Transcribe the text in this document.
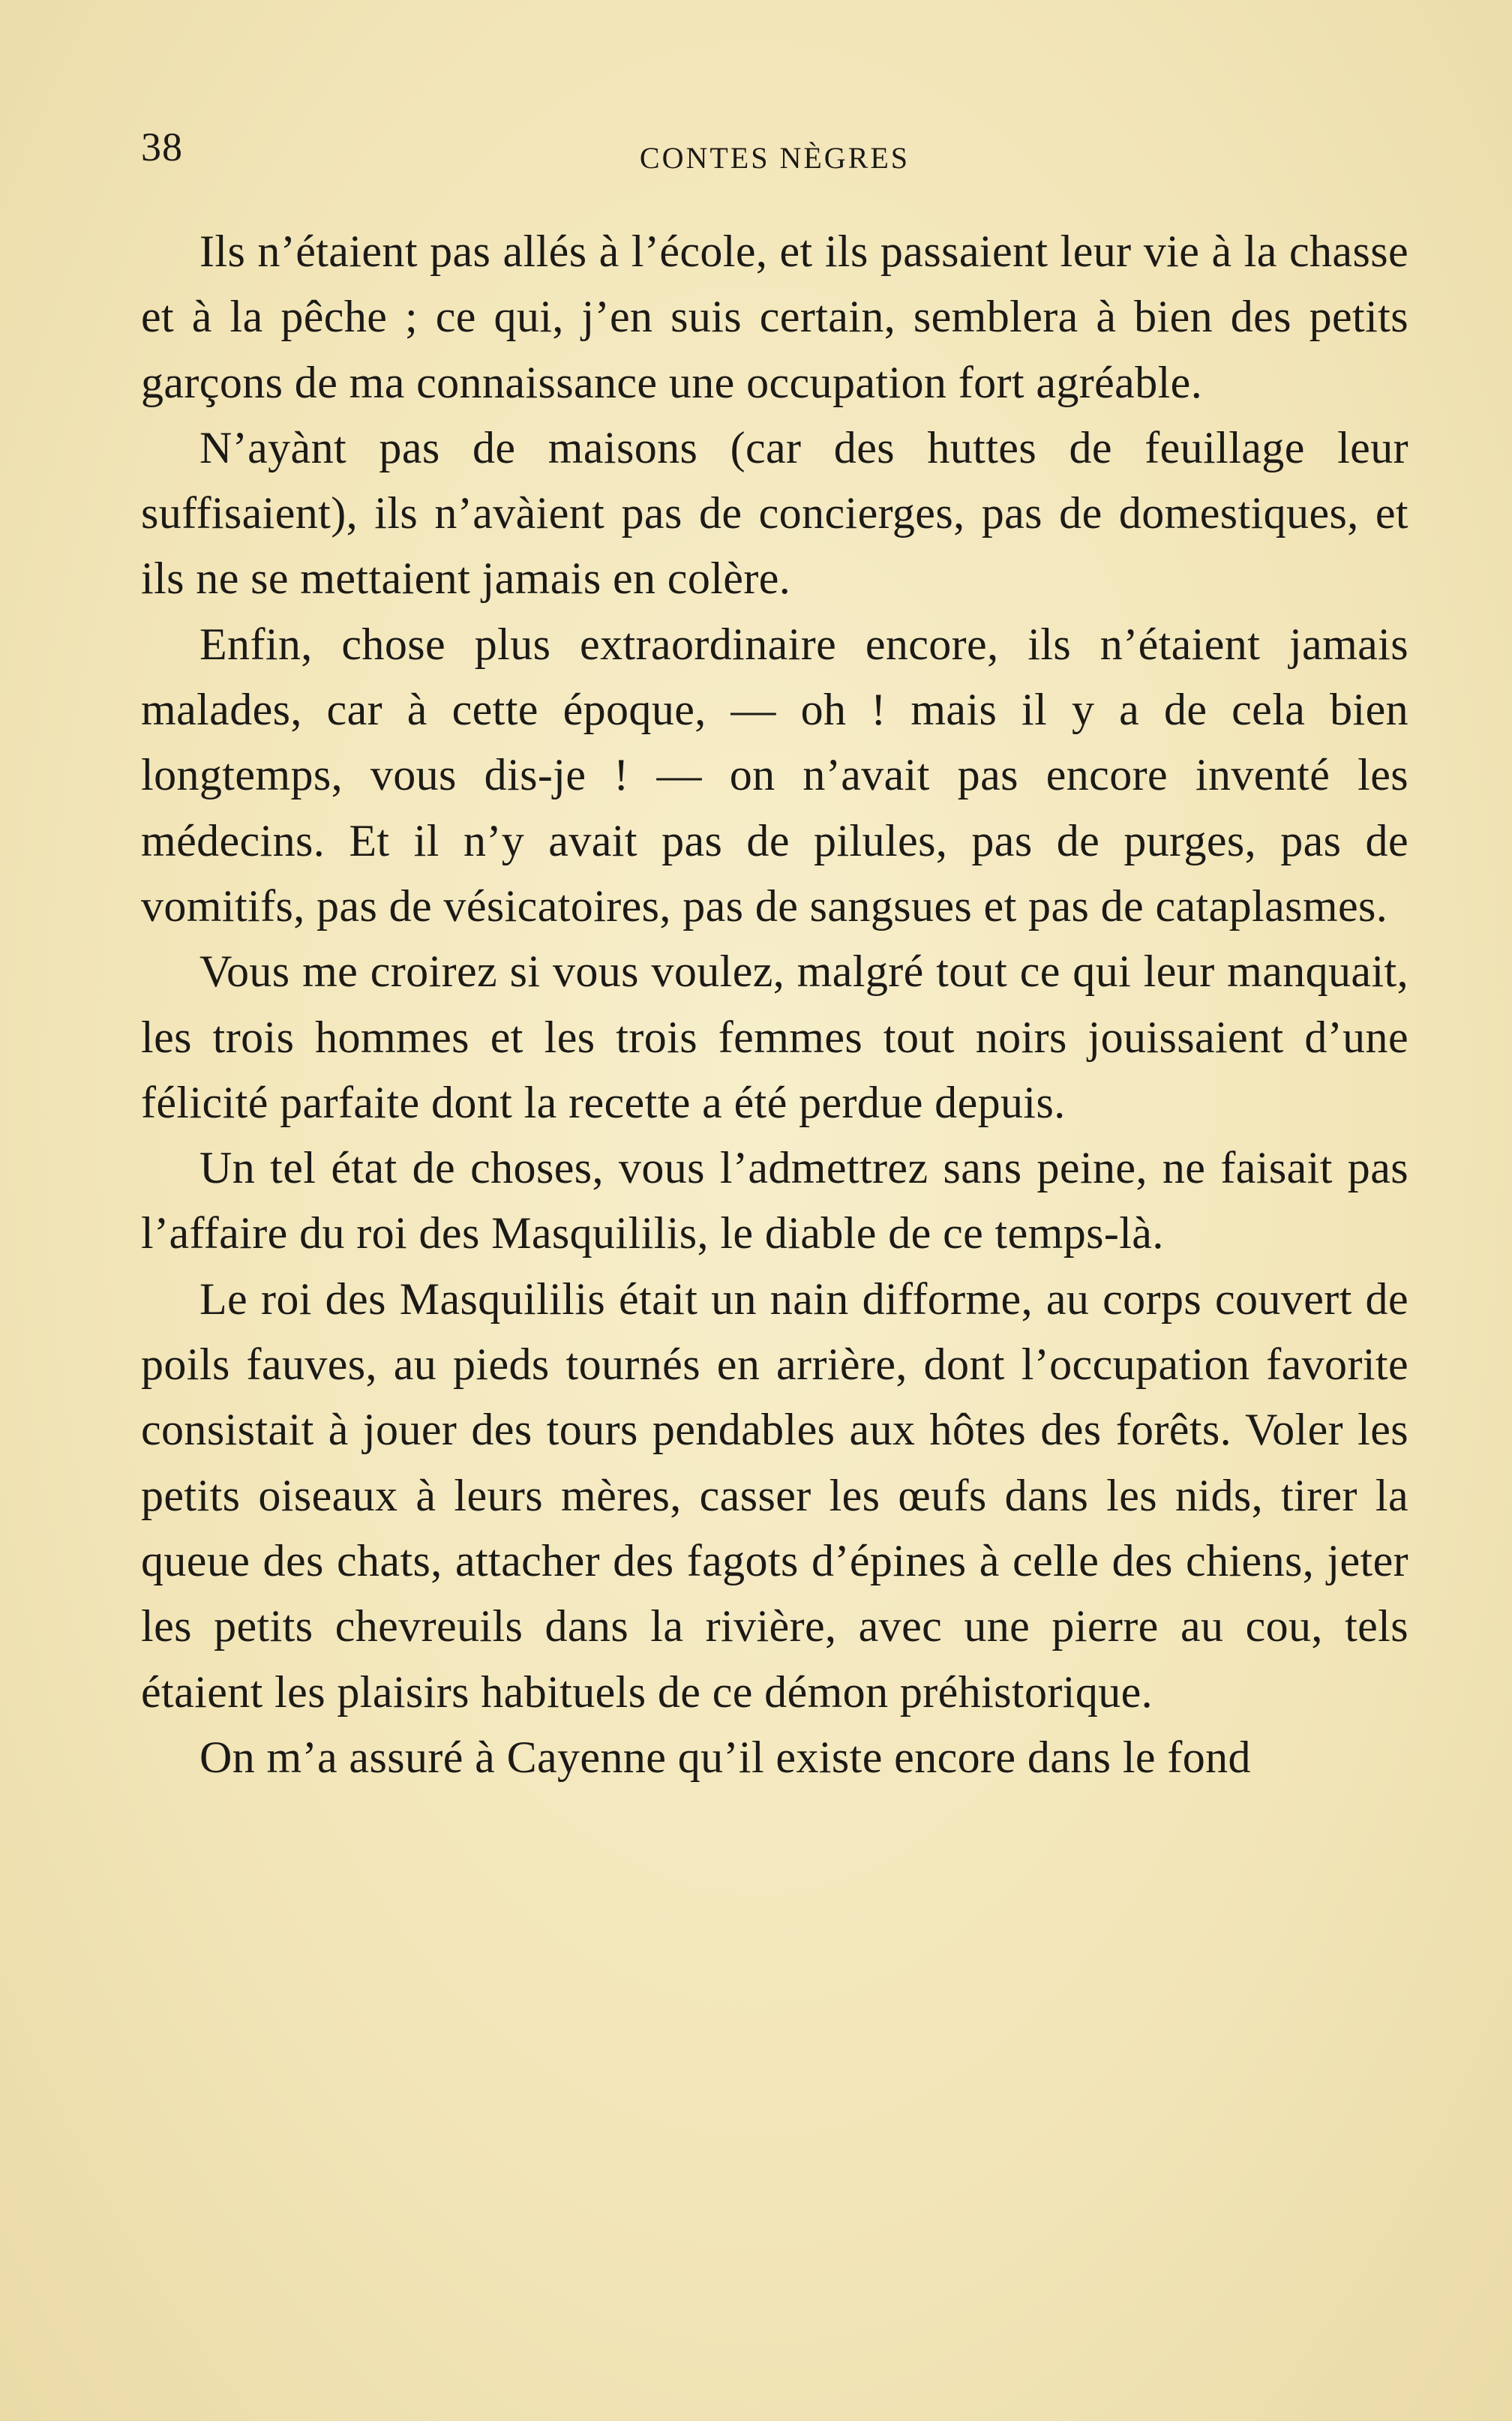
38	CONTES NÈGRES

Ils n’étaient pas allés à l’école, et ils passaient leur vie à la chasse et à la pêche ; ce qui, j’en suis certain, semblera à bien des petits garçons de ma connaissance une occupation fort agréable.

N’ayànt pas de maisons (car des huttes de feuillage leur suffisaient), ils n’avàient pas de concierges, pas de domestiques, et ils ne se mettaient jamais en colère.

Enfin, chose plus extraordinaire encore, ils n’étaient jamais malades, car à cette époque, — oh ! mais il y a de cela bien longtemps, vous dis-je ! — on n’avait pas encore inventé les médecins. Et il n’y avait pas de pilules, pas de purges, pas de vomitifs, pas de vésicatoires, pas de sangsues et pas de cataplasmes.

Vous me croirez si vous voulez, malgré tout ce qui leur manquait, les trois hommes et les trois femmes tout noirs jouissaient d’une félicité parfaite dont la recette a été perdue depuis.

Un tel état de choses, vous l’admettrez sans peine, ne faisait pas l’affaire du roi des Masquililis, le diable de ce temps-là.

Le roi des Masquililis était un nain difforme, au corps couvert de poils fauves, au pieds tournés en arrière, dont l’occupation favorite consistait à jouer des tours pendables aux hôtes des forêts. Voler les petits oiseaux à leurs mères, casser les œufs dans les nids, tirer la queue des chats, attacher des fagots d’épines à celle des chiens, jeter les petits chevreuils dans la rivière, avec une pierre au cou, tels étaient les plaisirs habituels de ce démon préhistorique.

On m’a assuré à Cayenne qu’il existe encore dans le fond
